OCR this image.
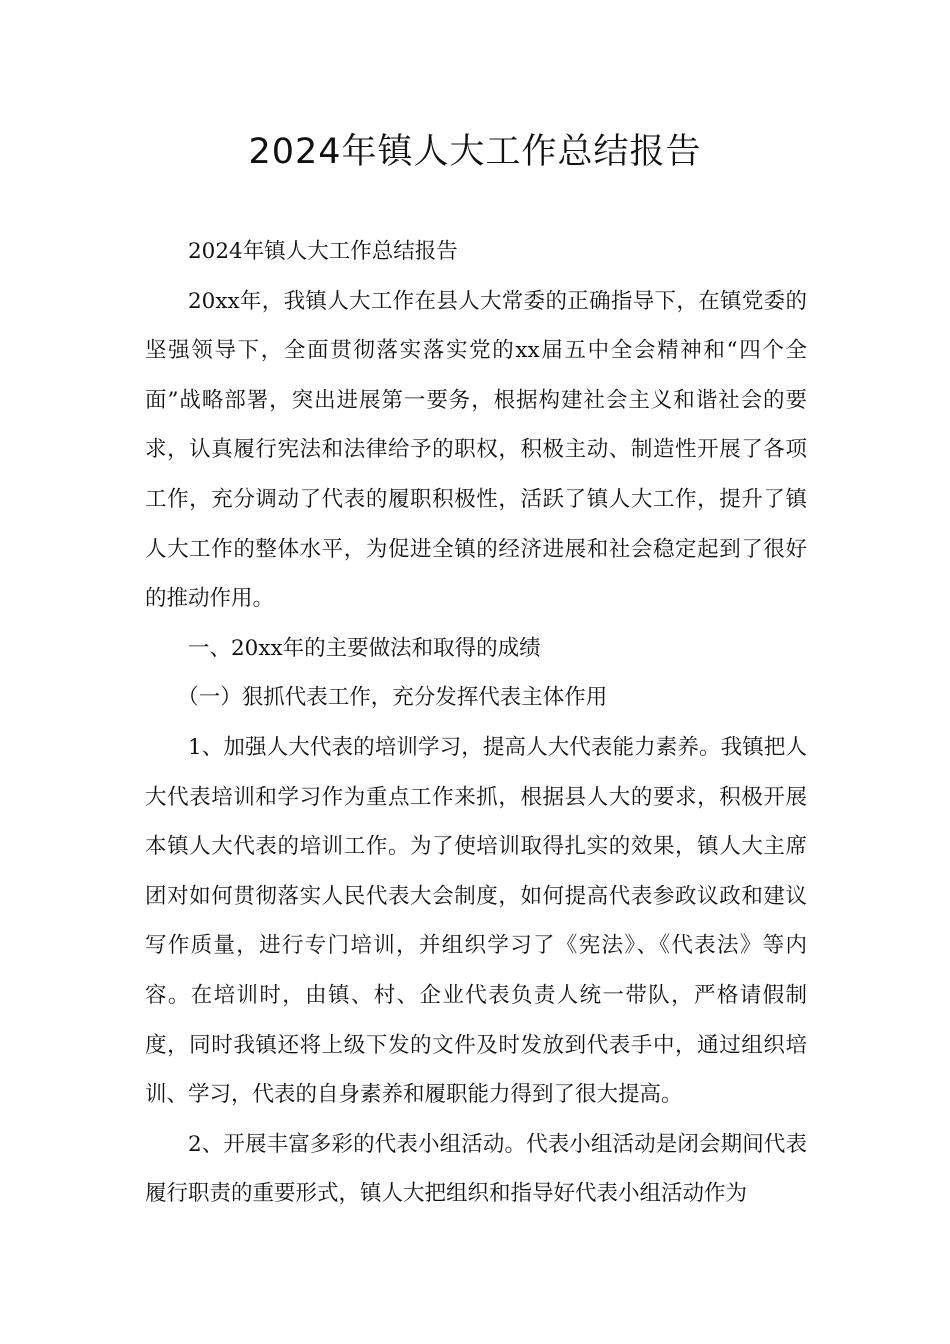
2024年镇人大工作总结报告

2024年镇人大工作总结报告

20xx年，我镇人大工作在县人大常委的正确指导下，在镇党委的坚强领导下，全面贯彻落实落实党的xx届五中全会精神和“四个全面”战略部署，突出进展第一要务，根据构建社会主义和谐社会的要求，认真履行宪法和法律给予的职权，积极主动、制造性开展了各项工作，充分调动了代表的履职积极性，活跃了镇人大工作，提升了镇人大工作的整体水平，为促进全镇的经济进展和社会稳定起到了很好的推动作用。

一、20xx年的主要做法和取得的成绩

（一）狠抓代表工作，充分发挥代表主体作用

1、加强人大代表的培训学习，提高人大代表能力素养。我镇把人大代表培训和学习作为重点工作来抓，根据县人大的要求，积极开展本镇人大代表的培训工作。为了使培训取得扎实的效果，镇人大主席团对如何贯彻落实人民代表大会制度，如何提高代表参政议政和建议写作质量，进行专门培训，并组织学习了《宪法》、《代表法》等内容。在培训时，由镇、村、企业代表负责人统一带队，严格请假制度，同时我镇还将上级下发的文件及时发放到代表手中，通过组织培训、学习，代表的自身素养和履职能力得到了很大提高。

2、开展丰富多彩的代表小组活动。代表小组活动是闭会期间代表履行职责的重要形式，镇人大把组织和指导好代表小组活动作为
